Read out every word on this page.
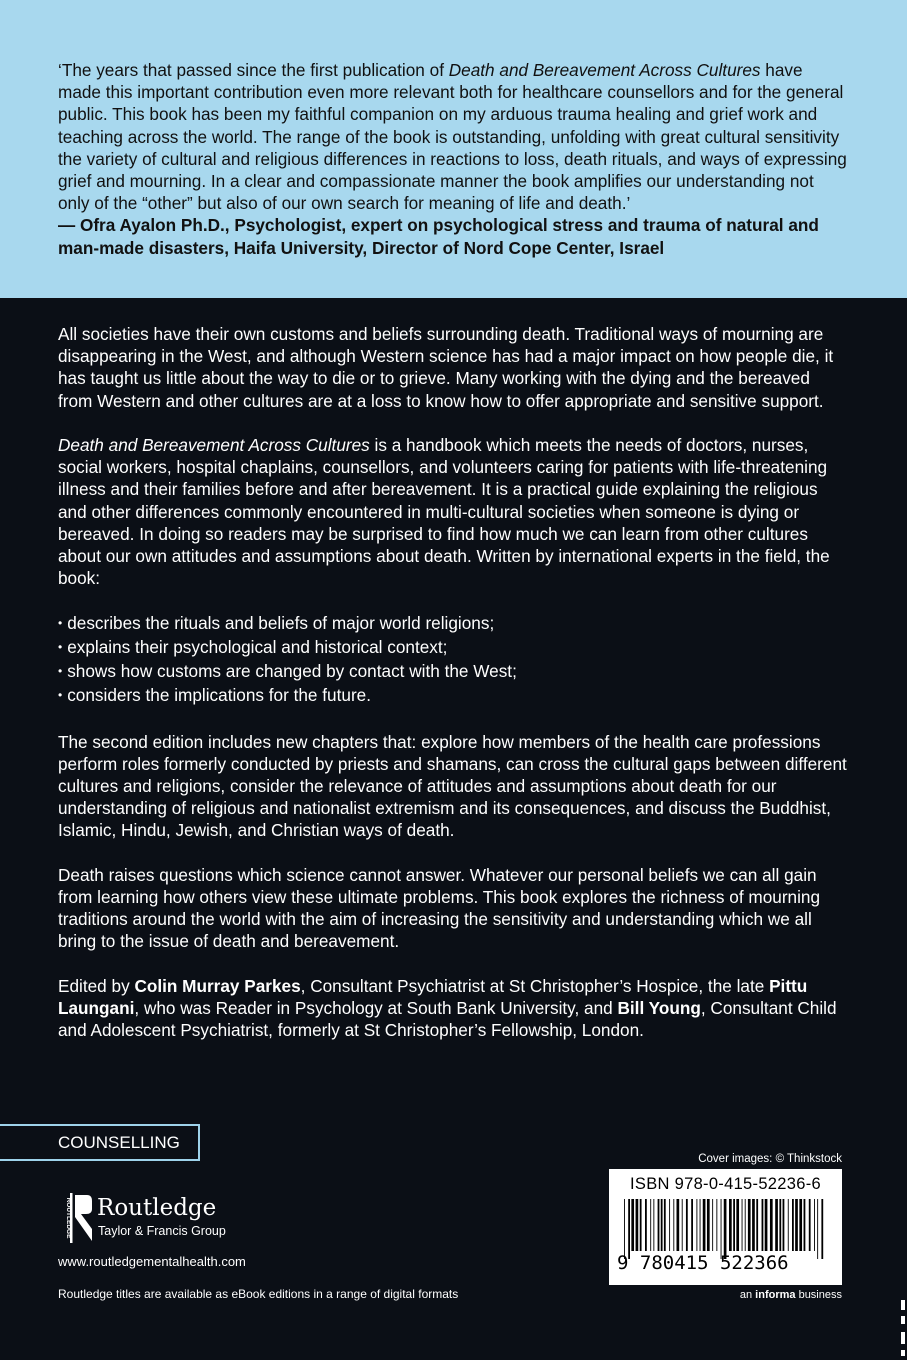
‘The years that passed since the first publication of Death and Bereavement Across Cultures have made this important contribution even more relevant both for healthcare counsellors and for the general public. This book has been my faithful companion on my arduous trauma healing and grief work and teaching across the world. The range of the book is outstanding, unfolding with great cultural sensitivity the variety of cultural and religious differences in reactions to loss, death rituals, and ways of expressing grief and mourning. In a clear and compassionate manner the book amplifies our understanding not only of the “other” but also of our own search for meaning of life and death.’
— Ofra Ayalon Ph.D., Psychologist, expert on psychological stress and trauma of natural and man-made disasters, Haifa University, Director of Nord Cope Center, Israel

All societies have their own customs and beliefs surrounding death. Traditional ways of mourning are disappearing in the West, and although Western science has had a major impact on how people die, it has taught us little about the way to die or to grieve. Many working with the dying and the bereaved from Western and other cultures are at a loss to know how to offer appropriate and sensitive support.

Death and Bereavement Across Cultures is a handbook which meets the needs of doctors, nurses, social workers, hospital chaplains, counsellors, and volunteers caring for patients with life-threatening illness and their families before and after bereavement. It is a practical guide explaining the religious and other differences commonly encountered in multi-cultural societies when someone is dying or bereaved. In doing so readers may be surprised to find how much we can learn from other cultures about our own attitudes and assumptions about death. Written by international experts in the field, the book:

• describes the rituals and beliefs of major world religions;
• explains their psychological and historical context;
• shows how customs are changed by contact with the West;
• considers the implications for the future.

The second edition includes new chapters that: explore how members of the health care professions perform roles formerly conducted by priests and shamans, can cross the cultural gaps between different cultures and religions, consider the relevance of attitudes and assumptions about death for our understanding of religious and nationalist extremism and its consequences, and discuss the Buddhist, Islamic, Hindu, Jewish, and Christian ways of death.

Death raises questions which science cannot answer. Whatever our personal beliefs we can all gain from learning how others view these ultimate problems. This book explores the richness of mourning traditions around the world with the aim of increasing the sensitivity and understanding which we all bring to the issue of death and bereavement.

Edited by Colin Murray Parkes, Consultant Psychiatrist at St Christopher’s Hospice, the late Pittu Laungani, who was Reader in Psychology at South Bank University, and Bill Young, Consultant Child and Adolescent Psychiatrist, formerly at St Christopher’s Fellowship, London.

COUNSELLING
ROUTLEDGE Routledge
Taylor & Francis Group
www.routledgementalhealth.com
Routledge titles are available as eBook editions in a range of digital formats
Cover images: © Thinkstock
ISBN 978-0-415-52236-6
9 780415 522366
an informa business
